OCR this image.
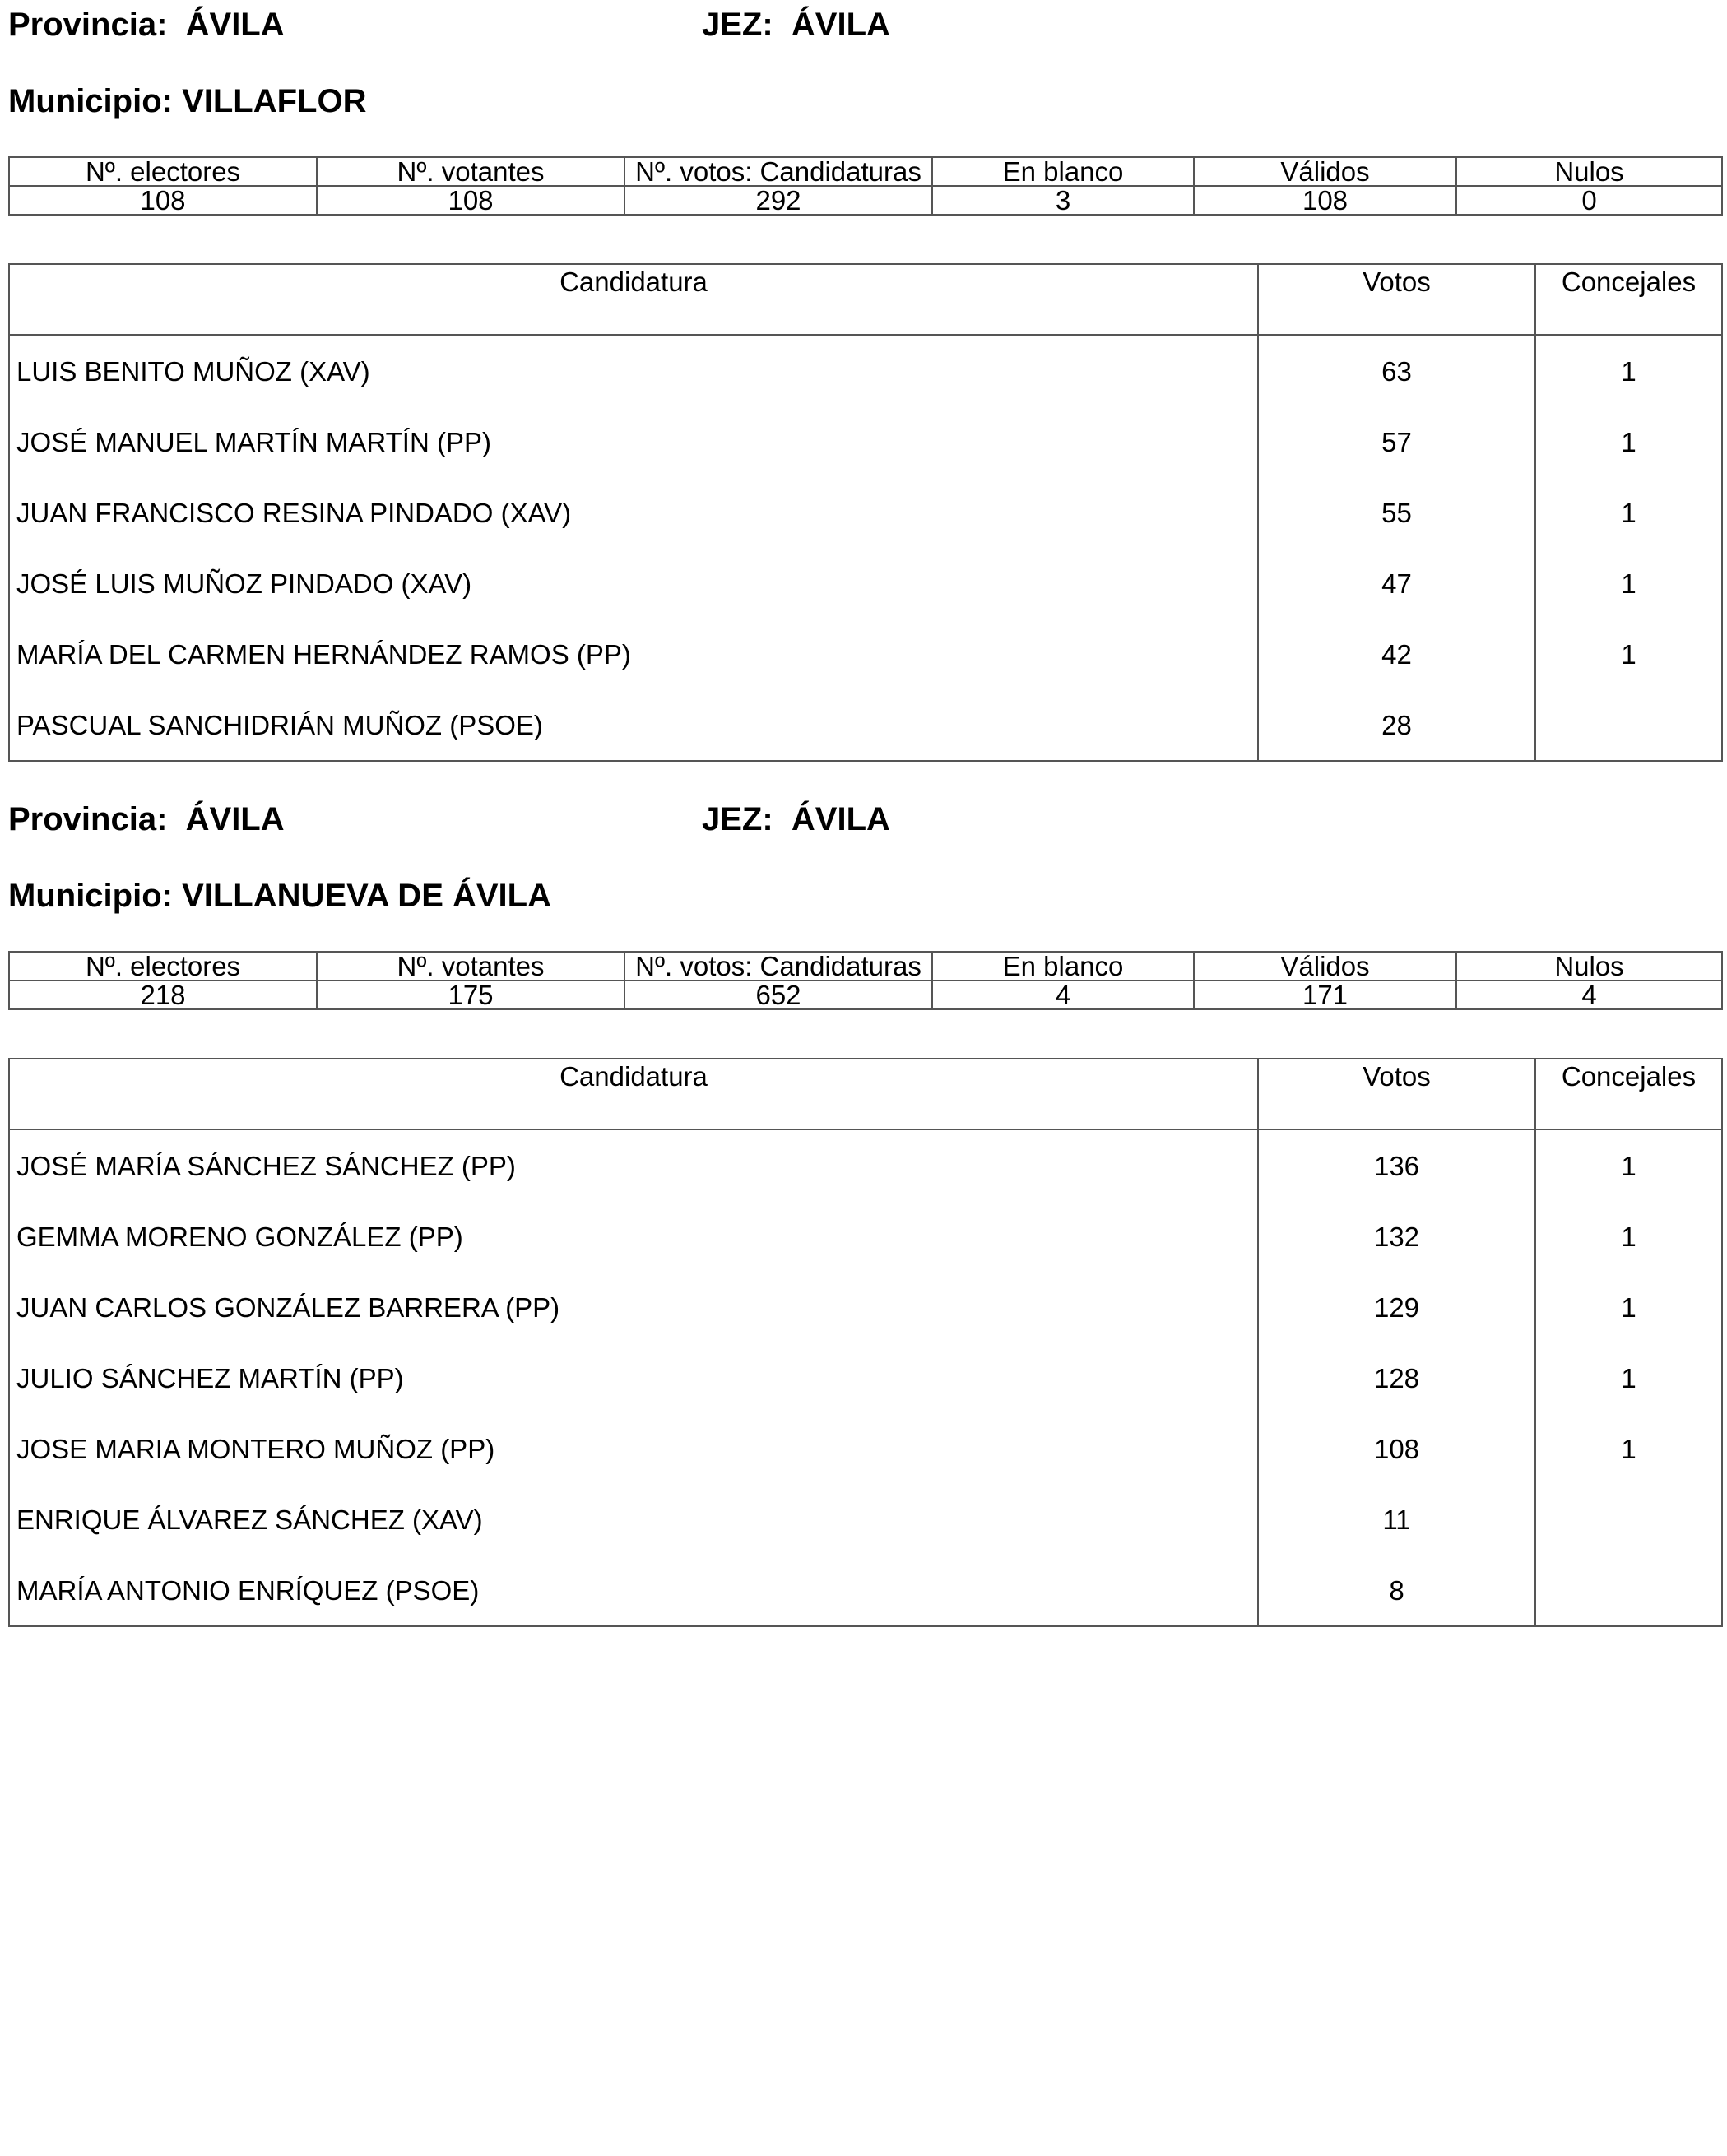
Provincia:  ÁVILA	JEZ:  ÁVILA
Municipio: VILLAFLOR
Nº. electores	Nº. votantes	Nº. votos: Candidaturas	En blanco	Válidos	Nulos
108	108	292	3	108	0
Candidatura	Votos	Concejales
LUIS BENITO MUÑOZ (XAV)	63	1
JOSÉ MANUEL MARTÍN MARTÍN (PP)	57	1
JUAN FRANCISCO RESINA PINDADO (XAV)	55	1
JOSÉ LUIS MUÑOZ PINDADO (XAV)	47	1
MARÍA DEL CARMEN HERNÁNDEZ RAMOS (PP)	42	1
PASCUAL SANCHIDRIÁN MUÑOZ (PSOE)	28	
Provincia:  ÁVILA	JEZ:  ÁVILA
Municipio: VILLANUEVA DE ÁVILA
Nº. electores	Nº. votantes	Nº. votos: Candidaturas	En blanco	Válidos	Nulos
218	175	652	4	171	4
Candidatura	Votos	Concejales
JOSÉ MARÍA SÁNCHEZ SÁNCHEZ (PP)	136	1
GEMMA MORENO GONZÁLEZ (PP)	132	1
JUAN CARLOS GONZÁLEZ BARRERA (PP)	129	1
JULIO SÁNCHEZ MARTÍN (PP)	128	1
JOSE MARIA MONTERO MUÑOZ (PP)	108	1
ENRIQUE ÁLVAREZ SÁNCHEZ (XAV)	11	
MARÍA ANTONIO ENRÍQUEZ (PSOE)	8	
